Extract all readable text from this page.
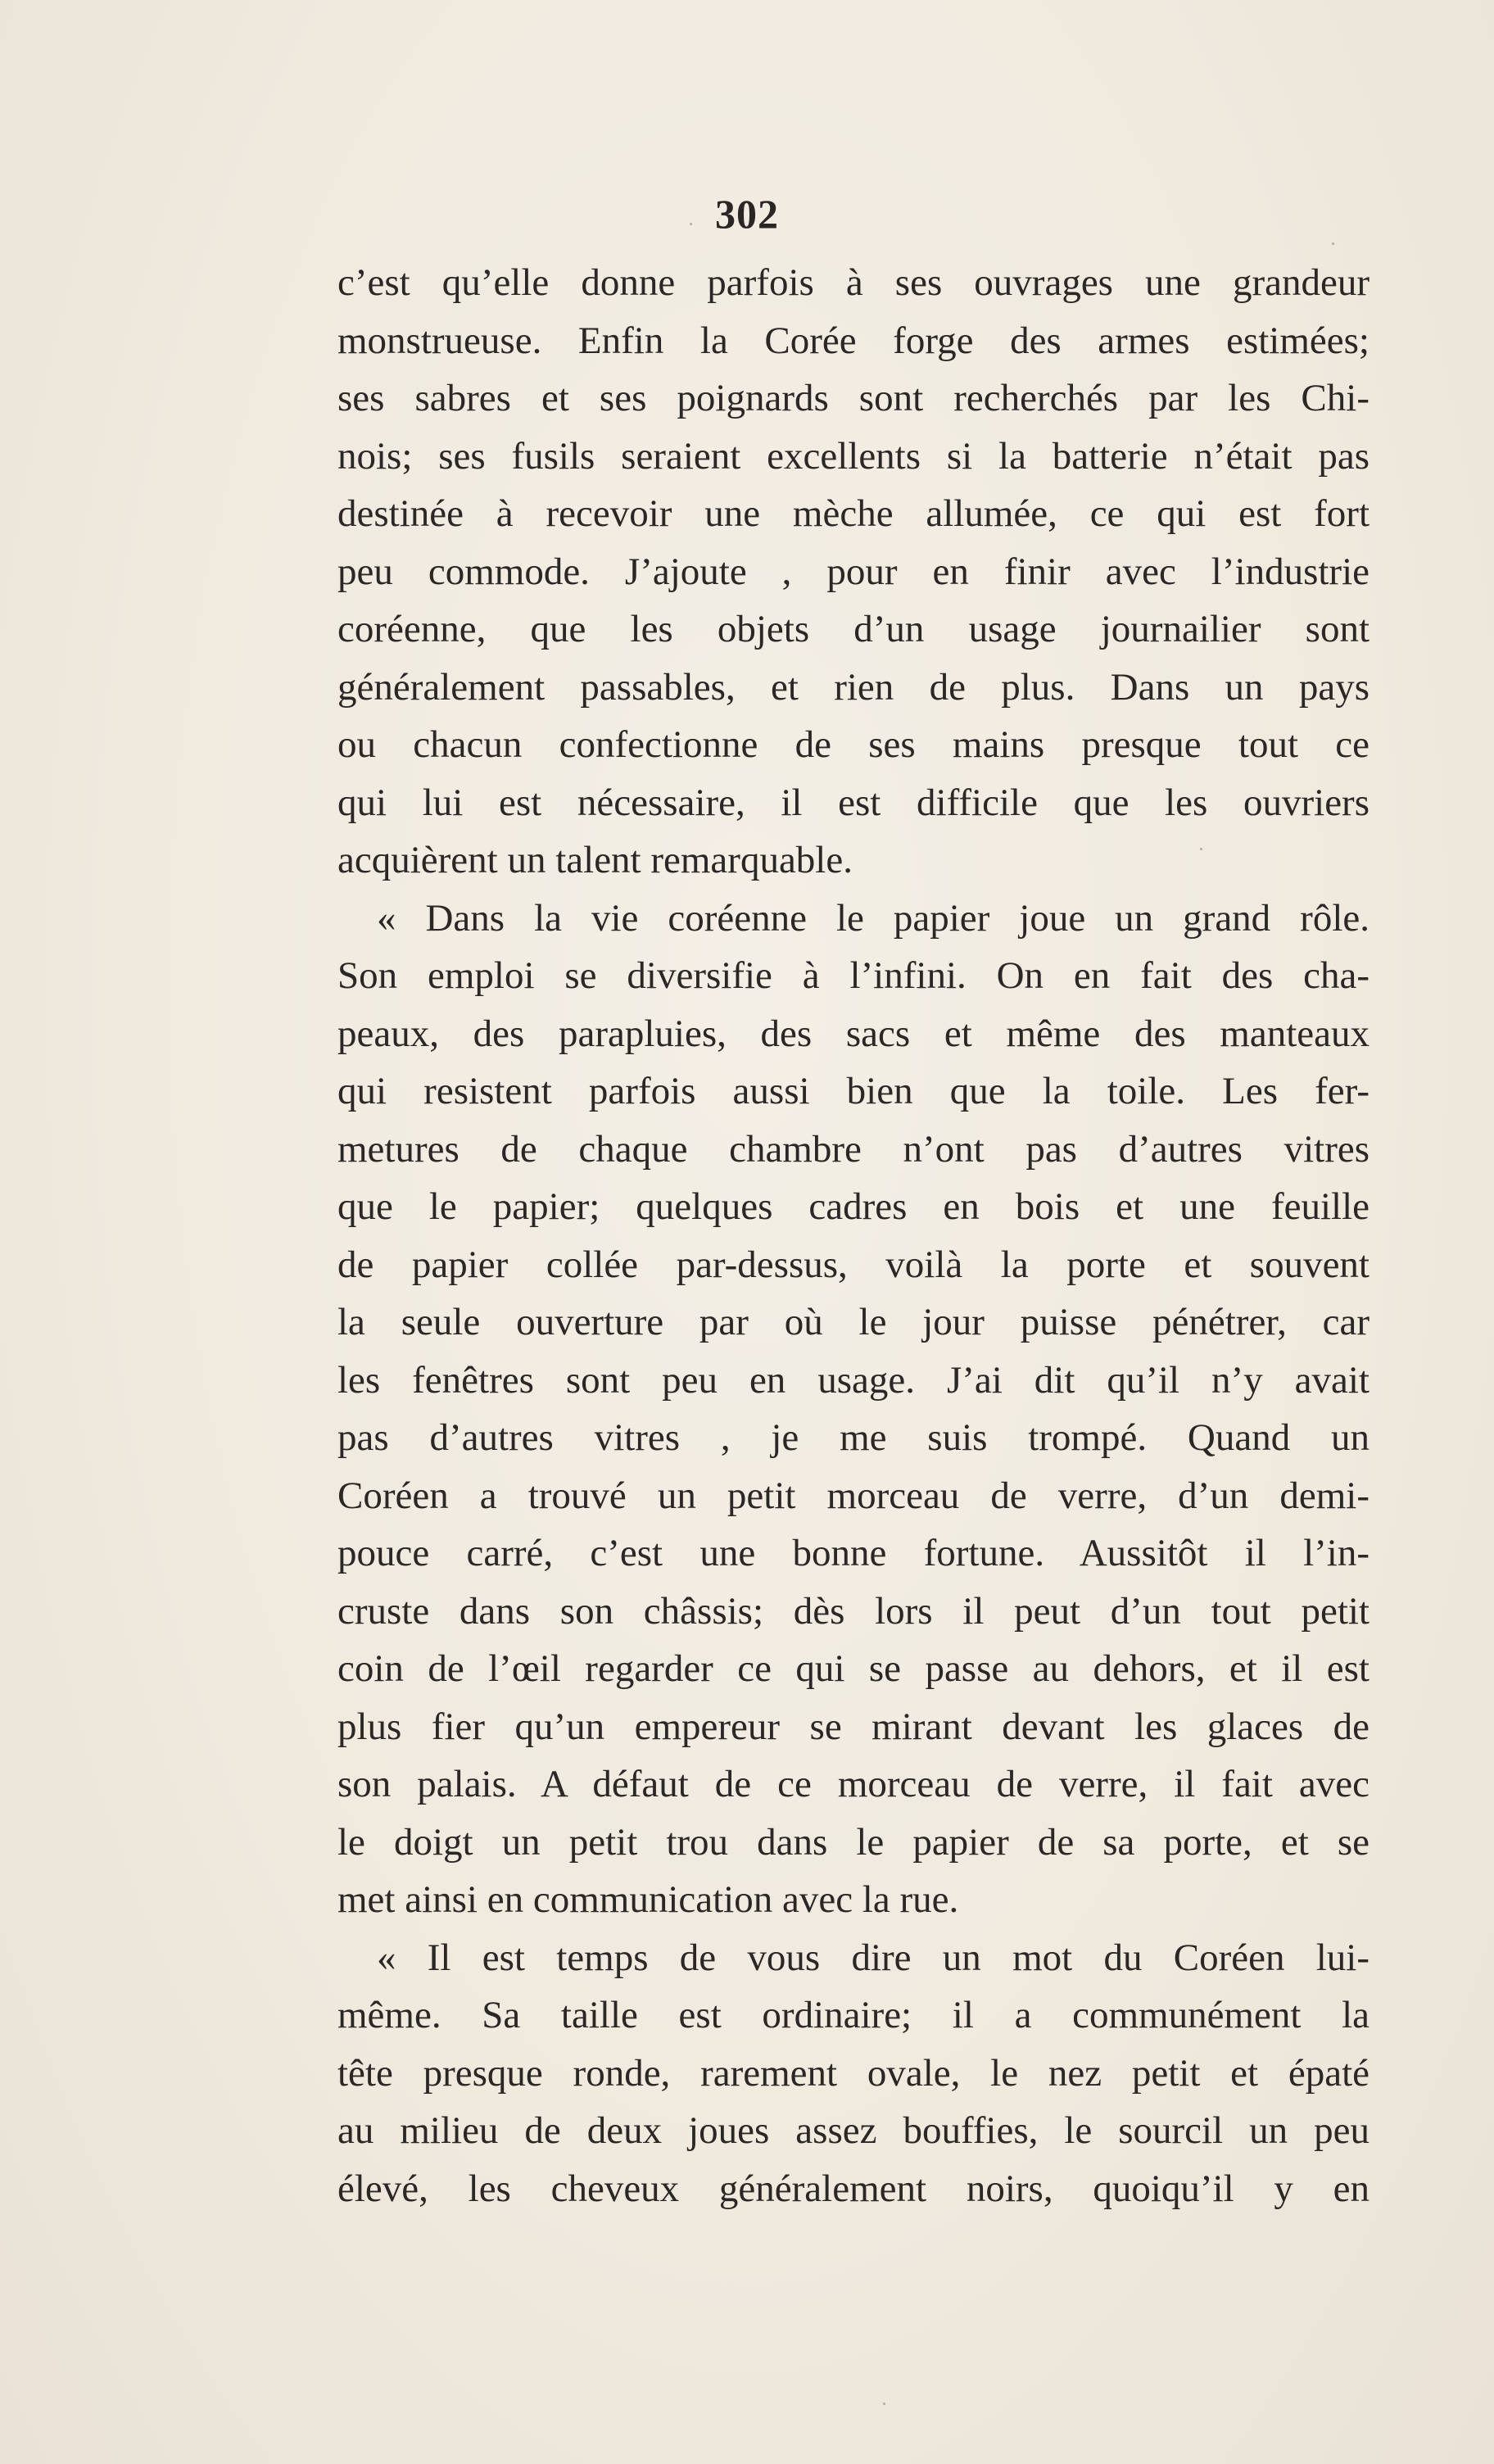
302
c’est qu’elle donne parfois à ses ouvrages une grandeur
monstrueuse. Enfin la Corée forge des armes estimées;
ses sabres et ses poignards sont recherchés par les Chi-
nois; ses fusils seraient excellents si la batterie n’était pas
destinée à recevoir une mèche allumée, ce qui est fort
peu commode. J’ajoute , pour en finir avec l’industrie
coréenne, que les objets d’un usage journailier sont
généralement passables, et rien de plus. Dans un pays
ou chacun confectionne de ses mains presque tout ce
qui lui est nécessaire, il est difficile que les ouvriers
acquièrent un talent remarquable.
« Dans la vie coréenne le papier joue un grand rôle.
Son emploi se diversifie à l’infini. On en fait des cha-
peaux, des parapluies, des sacs et même des manteaux
qui resistent parfois aussi bien que la toile. Les fer-
metures de chaque chambre n’ont pas d’autres vitres
que le papier; quelques cadres en bois et une feuille
de papier collée par-dessus, voilà la porte et souvent
la seule ouverture par où le jour puisse pénétrer, car
les fenêtres sont peu en usage. J’ai dit qu’il n’y avait
pas d’autres vitres , je me suis trompé. Quand un
Coréen a trouvé un petit morceau de verre, d’un demi-
pouce carré, c’est une bonne fortune. Aussitôt il l’in-
cruste dans son châssis; dès lors il peut d’un tout petit
coin de l’œil regarder ce qui se passe au dehors, et il est
plus fier qu’un empereur se mirant devant les glaces de
son palais. A défaut de ce morceau de verre, il fait avec
le doigt un petit trou dans le papier de sa porte, et se
met ainsi en communication avec la rue.
« Il est temps de vous dire un mot du Coréen lui-
même. Sa taille est ordinaire; il a communément la
tête presque ronde, rarement ovale, le nez petit et épaté
au milieu de deux joues assez bouffies, le sourcil un peu
élevé, les cheveux généralement noirs, quoiqu’il y en
